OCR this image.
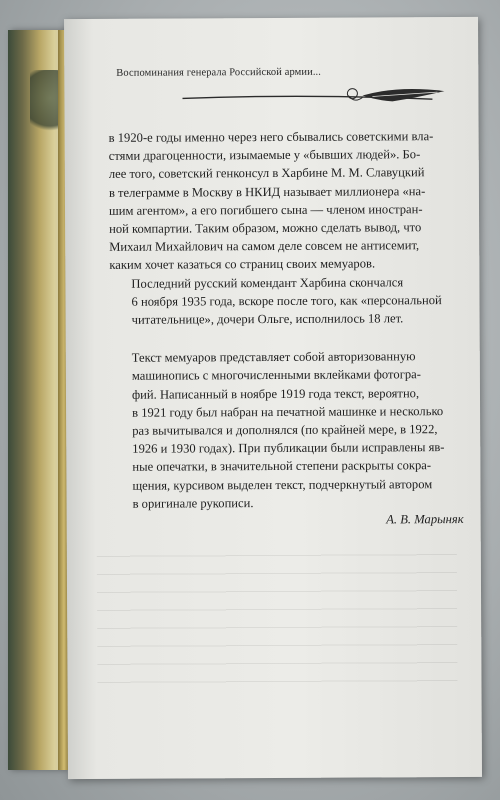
Воспоминания генерала Российской армии...

в 1920-е годы именно через него сбывались советскими вла-
стями драгоценности, изымаемые у «бывших людей». Бо-
лее того, советский генконсул в Харбине М. М. Славуцкий
в телеграмме в Москву в НКИД называет миллионера «на-
шим агентом», а его погибшего сына — членом иностран-
ной компартии. Таким образом, можно сделать вывод, что
Михаил Михайлович на самом деле совсем не антисемит,
каким хочет казаться со страниц своих мемуаров.

Последний русский комендант Харбина скончался
6 ноября 1935 года, вскоре после того, как «персональной
читательнице», дочери Ольге, исполнилось 18 лет.

Текст мемуаров представляет собой авторизованную
машинопись с многочисленными вклейками фотогра-
фий. Написанный в ноябре 1919 года текст, вероятно,
в 1921 году был набран на печатной машинке и несколько
раз вычитывался и дополнялся (по крайней мере, в 1922,
1926 и 1930 годах). При публикации были исправлены яв-
ные опечатки, в значительной степени раскрыты сокра-
щения, курсивом выделен текст, подчеркнутый автором
в оригинале рукописи.

А. В. Марыняк
